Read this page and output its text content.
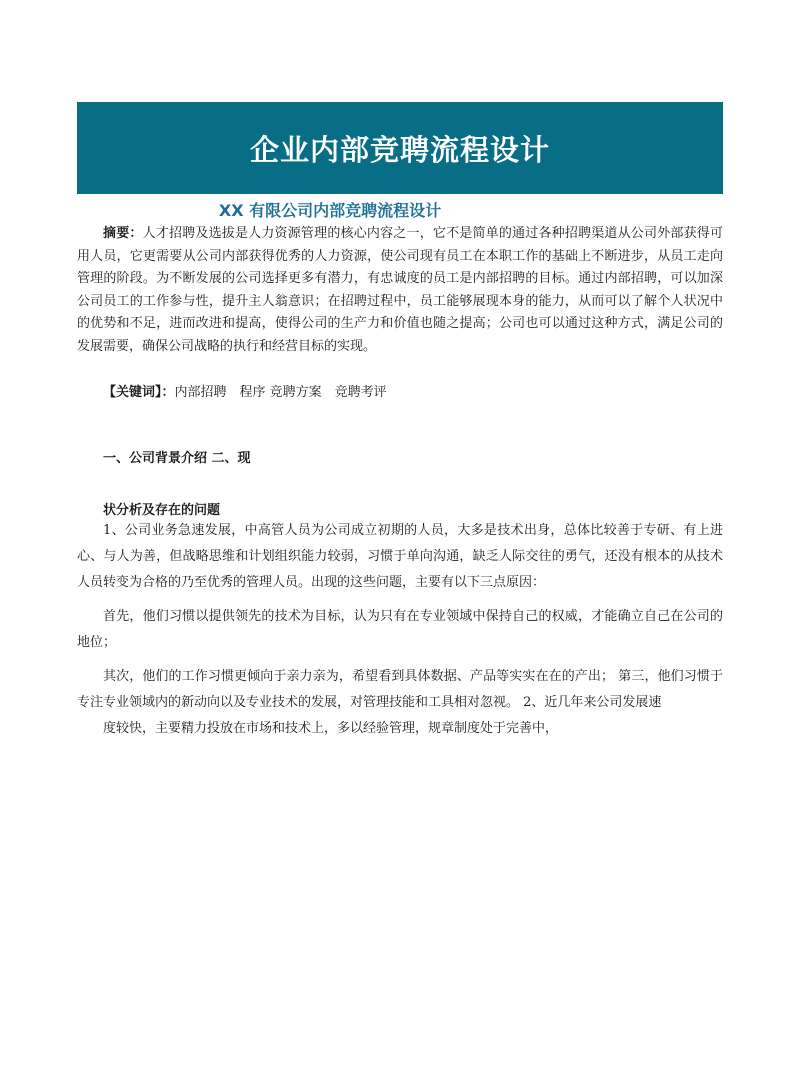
企业内部竞聘流程设计
XX 有限公司内部竞聘流程设计
摘要：人才招聘及选拔是人力资源管理的核心内容之一，它不是简单的通过各种招聘渠道从公司外部获得可用人员，它更需要从公司内部获得优秀的人力资源，使公司现有员工在本职工作的基础上不断进步，从员工走向管理的阶段。为不断发展的公司选择更多有潜力，有忠诚度的员工是内部招聘的目标。通过内部招聘，可以加深公司员工的工作参与性，提升主人翁意识；在招聘过程中，员工能够展现本身的能力，从而可以了解个人状况中的优势和不足，进而改进和提高，使得公司的生产力和价值也随之提高；公司也可以通过这种方式，满足公司的发展需要，确保公司战略的执行和经营目标的实现。
【关键词】：内部招聘　程序 竞聘方案　竞聘考评
一、公司背景介绍 二、现
状分析及存在的问题
1、公司业务急速发展，中高管人员为公司成立初期的人员，大多是技术出身，总体比较善于专研、有上进心、与人为善，但战略思维和计划组织能力较弱，习惯于单向沟通，缺乏人际交往的勇气，还没有根本的从技术人员转变为合格的乃至优秀的管理人员。出现的这些问题，主要有以下三点原因：
首先，他们习惯以提供领先的技术为目标，认为只有在专业领域中保持自己的权威，才能确立自己在公司的地位；
其次，他们的工作习惯更倾向于亲力亲为，希望看到具体数据、产品等实实在在的产出； 第三，他们习惯于专注专业领域内的新动向以及专业技术的发展，对管理技能和工具相对忽视。 2、近几年来公司发展速
度较快，主要精力投放在市场和技术上，多以经验管理，规章制度处于完善中，
